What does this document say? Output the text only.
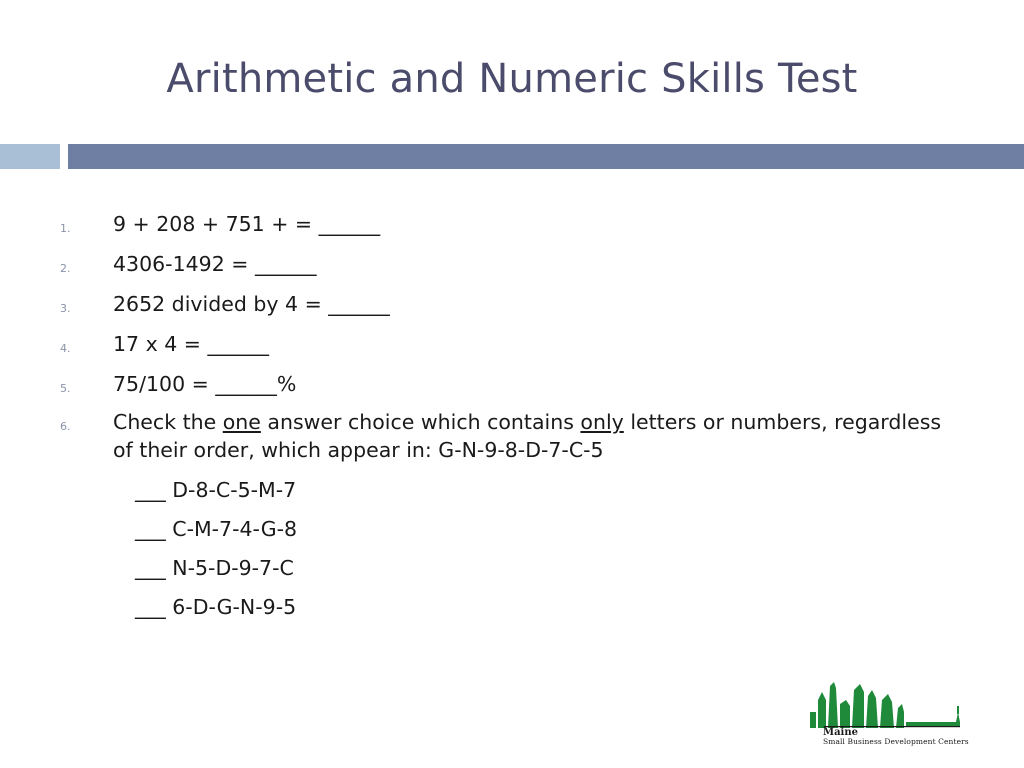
Arithmetic and Numeric Skills Test
1. 9 + 208 + 751 + = ______
2. 4306-1492 = ______
3. 2652 divided by 4 = ______
4. 17 x 4 = ______
5. 75/100 = ______%
6. Check the one answer choice which contains only letters or numbers, regardless
of their order, which appear in: G-N-9-8-D-7-C-5
___ D-8-C-5-M-7
___ C-M-7-4-G-8
___ N-5-D-9-7-C
___ 6-D-G-N-9-5
Maine
Small Business Development Centers
